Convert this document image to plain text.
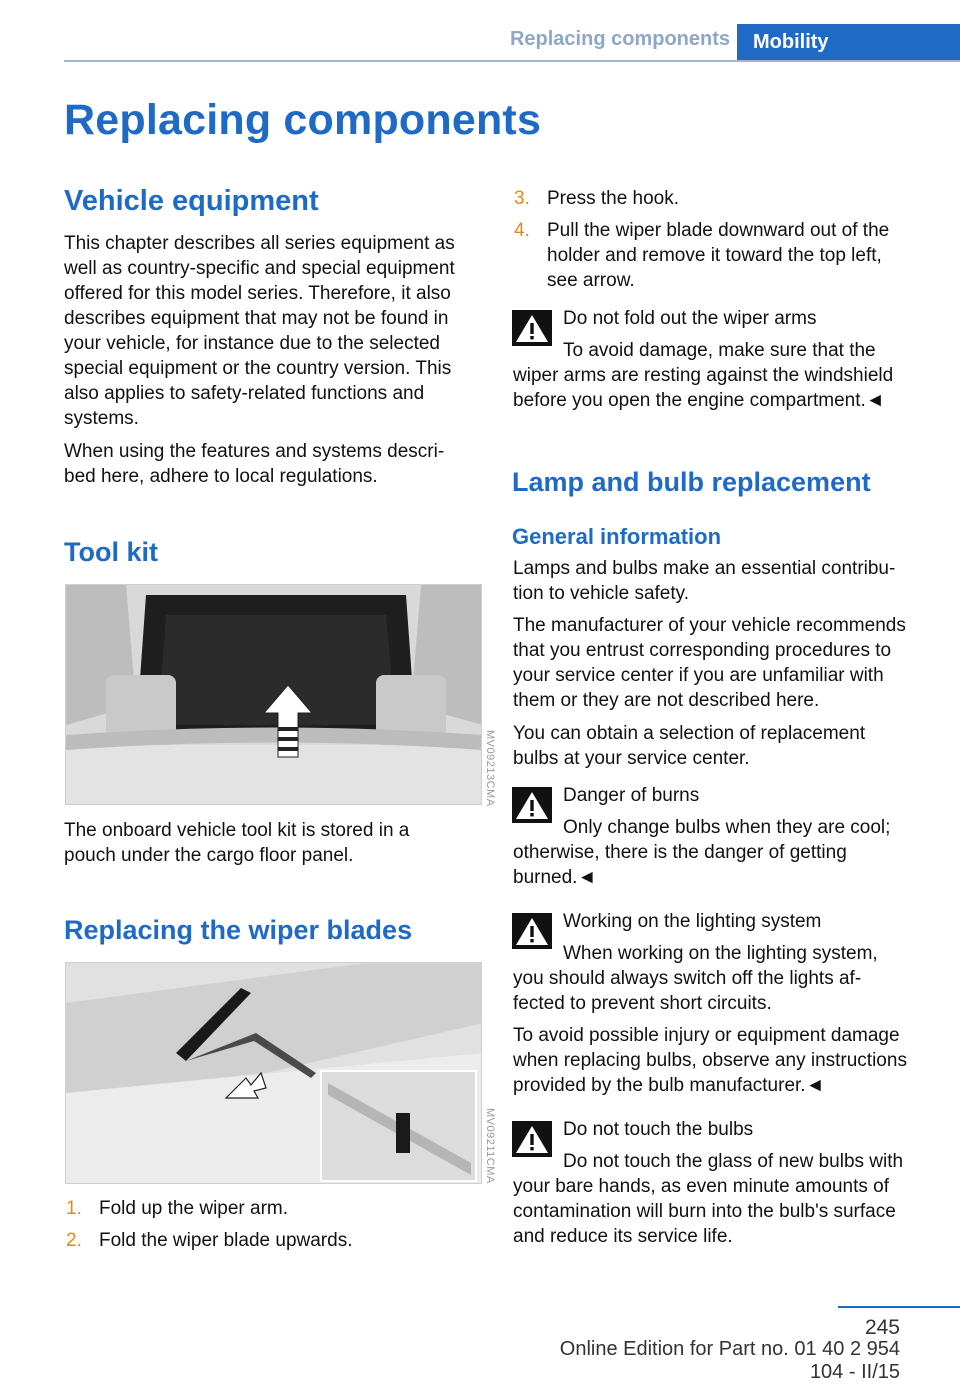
Replacing components	Mobility
Replacing components
Vehicle equipment
This chapter describes all series equipment as
well as country-specific and special equipment
offered for this model series. Therefore, it also
describes equipment that may not be found in
your vehicle, for instance due to the selected
special equipment or the country version. This
also applies to safety-related functions and
systems.
When using the features and systems descri‐
bed here, adhere to local regulations.
Tool kit
MV09213CMA
The onboard vehicle tool kit is stored in a
pouch under the cargo floor panel.
Replacing the wiper blades
MV09211CMA
1. Fold up the wiper arm.
2. Fold the wiper blade upwards.
3. Press the hook.
4. Pull the wiper blade downward out of the
holder and remove it toward the top left,
see arrow.
Do not fold out the wiper arms
To avoid damage, make sure that the
wiper arms are resting against the windshield
before you open the engine compartment.◄
Lamp and bulb replacement
General information
Lamps and bulbs make an essential contribu‐
tion to vehicle safety.
The manufacturer of your vehicle recommends
that you entrust corresponding procedures to
your service center if you are unfamiliar with
them or they are not described here.
You can obtain a selection of replacement
bulbs at your service center.
Danger of burns
Only change bulbs when they are cool;
otherwise, there is the danger of getting
burned.◄
Working on the lighting system
When working on the lighting system,
you should always switch off the lights af‐
fected to prevent short circuits.
To avoid possible injury or equipment damage
when replacing bulbs, observe any instructions
provided by the bulb manufacturer.◄
Do not touch the bulbs
Do not touch the glass of new bulbs with
your bare hands, as even minute amounts of
contamination will burn into the bulb's surface
and reduce its service life.
245
Online Edition for Part no. 01 40 2 954 104 - II/15
